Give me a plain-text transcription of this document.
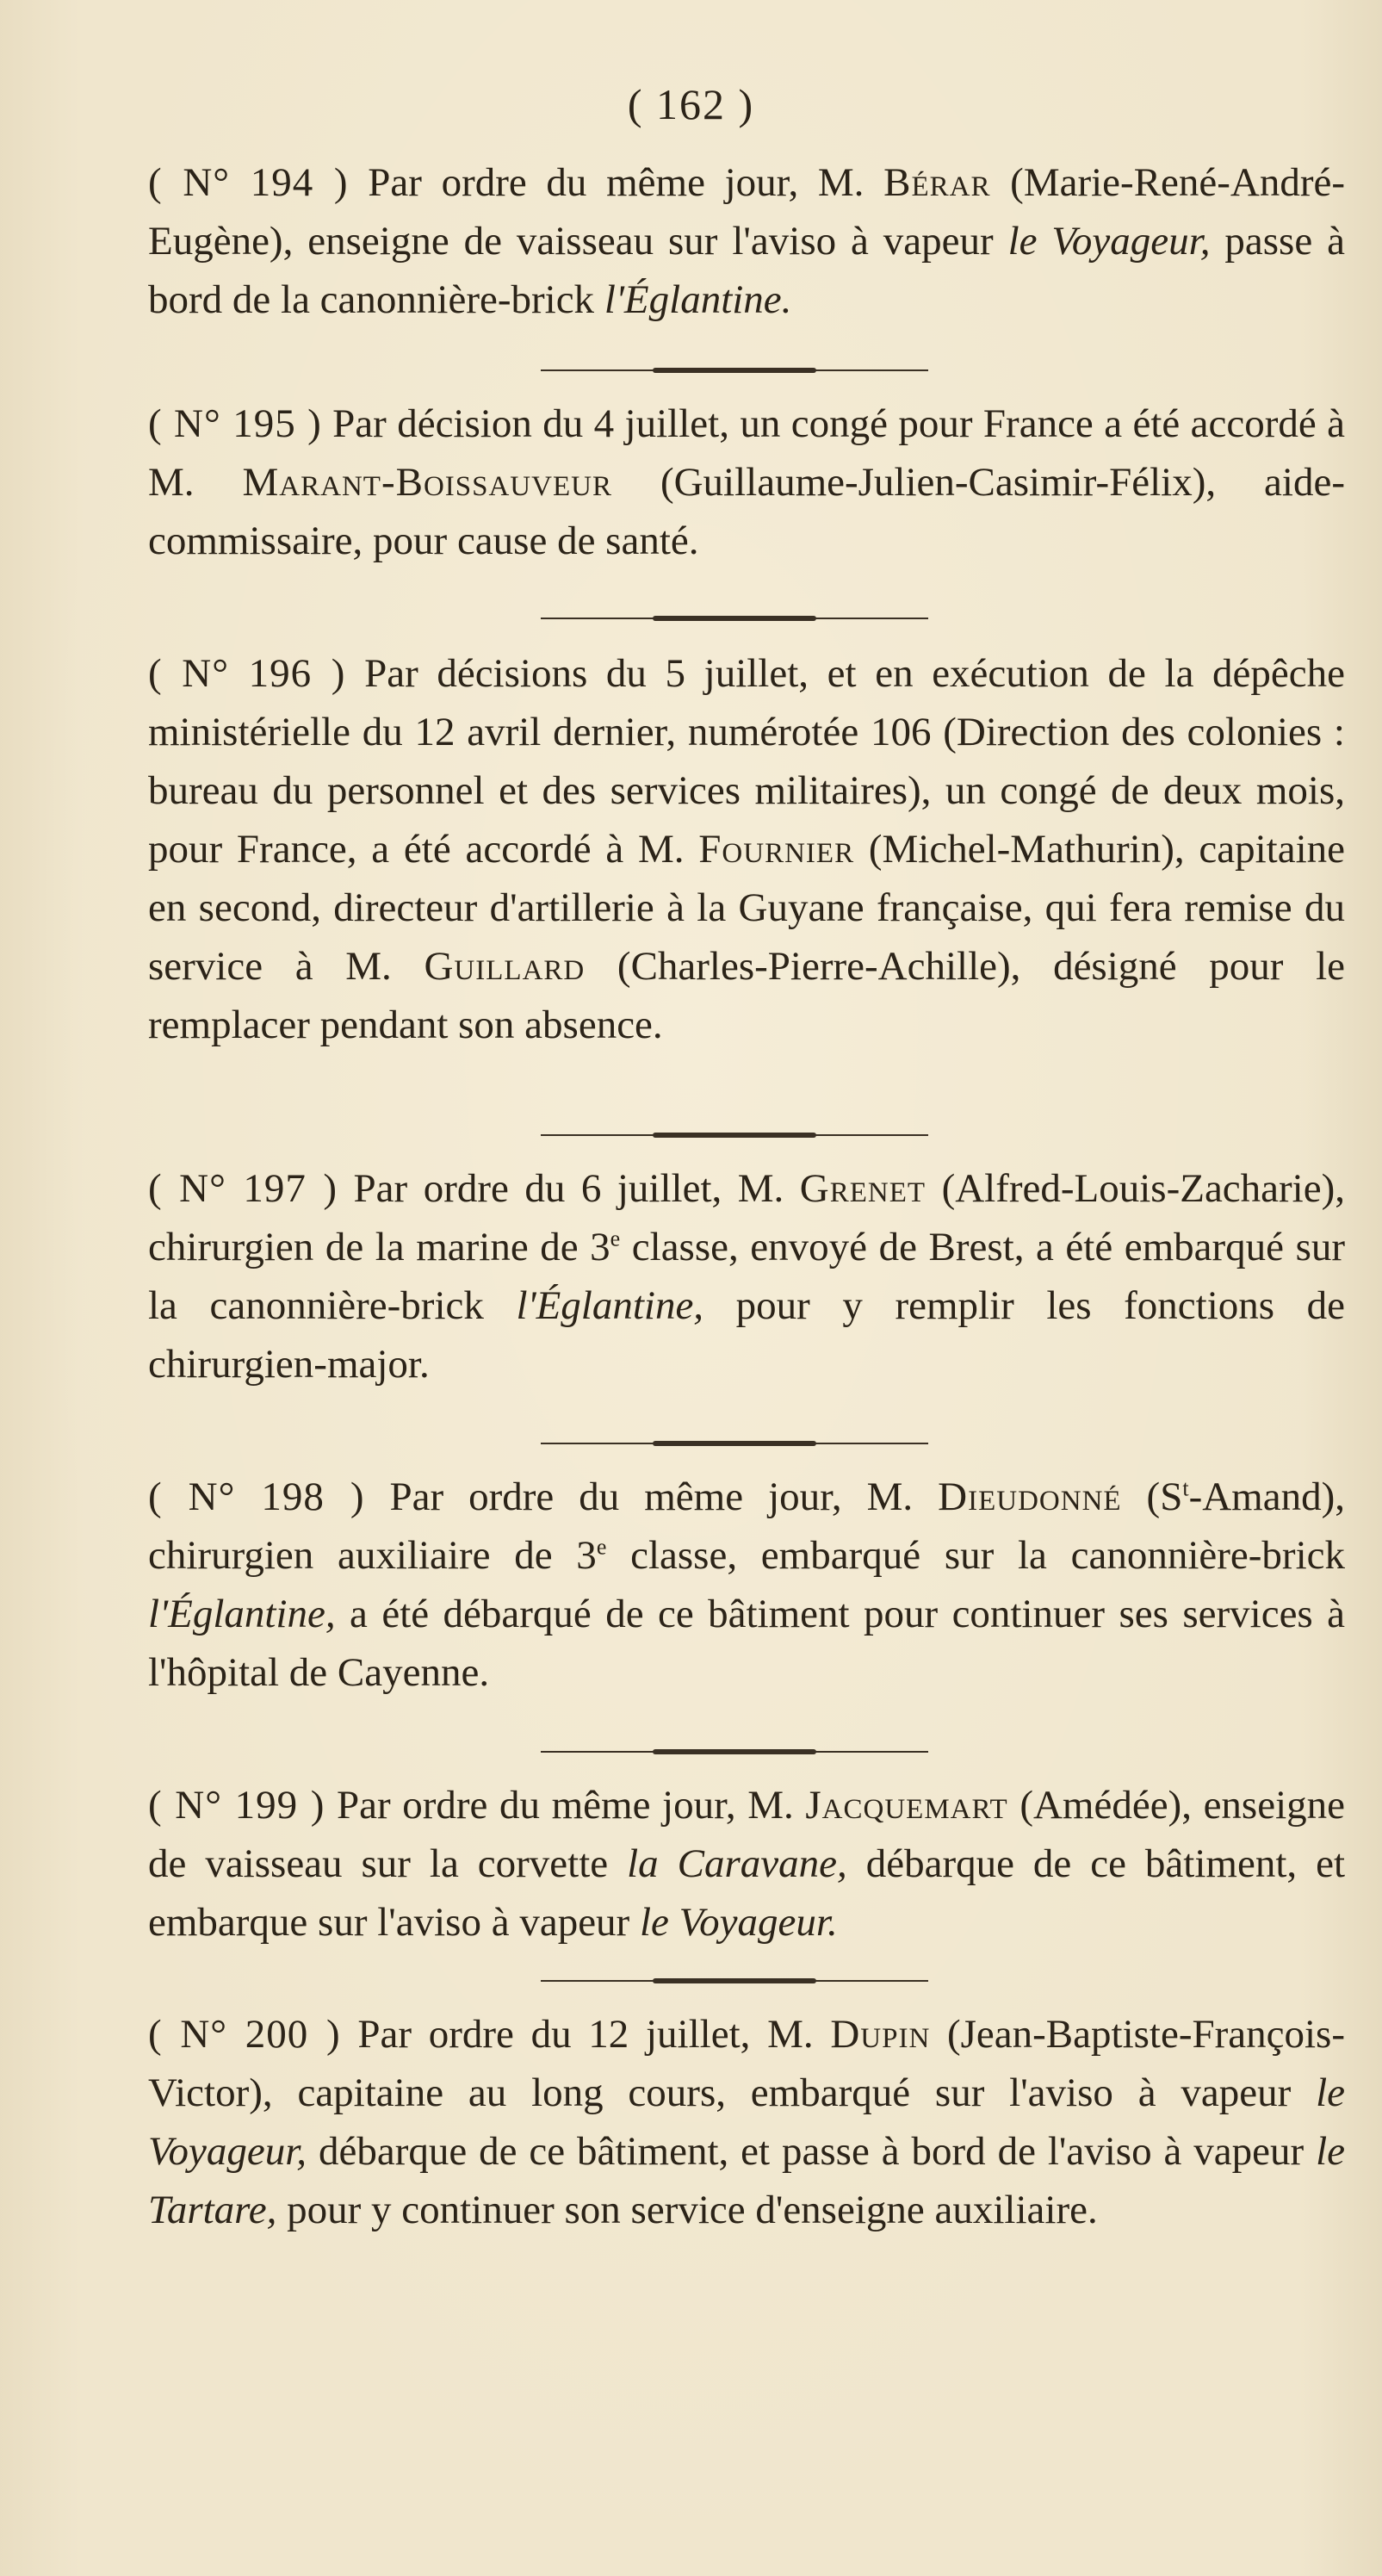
( 162 )

( N° 194 ) Par ordre du même jour, M. Bérar (Marie-René-André-Eugène), enseigne de vaisseau sur l'aviso à vapeur le Voyageur, passe à bord de la canonnière-brick l'Églantine.

( N° 195 ) Par décision du 4 juillet, un congé pour France a été accordé à M. Marant-Boissauveur (Guillaume-Julien-Casimir-Félix), aide-commissaire, pour cause de santé.

( N° 196 ) Par décisions du 5 juillet, et en exécution de la dépêche ministérielle du 12 avril dernier, numérotée 106 (Direction des colonies : bureau du personnel et des services militaires), un congé de deux mois, pour France, a été accordé à M. Fournier (Michel-Mathurin), capitaine en second, directeur d'artillerie à la Guyane française, qui fera remise du service à M. Guillard (Charles-Pierre-Achille), désigné pour le remplacer pendant son absence.

( N° 197 ) Par ordre du 6 juillet, M. Grenet (Alfred-Louis-Zacharie), chirurgien de la marine de 3e classe, envoyé de Brest, a été embarqué sur la canonnière-brick l'Églantine, pour y remplir les fonctions de chirurgien-major.

( N° 198 ) Par ordre du même jour, M. Dieudonné $(S^t-Amand)$, chirurgien auxiliaire de 3e classe, embarqué sur la canonnière-brick l'Églantine, a été débarqué de ce bâtiment pour continuer ses services à l'hôpital de Cayenne.

( N° 199 ) Par ordre du même jour, M. Jacquemart (Amédée), enseigne de vaisseau sur la corvette la Caravane, débarque de ce bâtiment, et embarque sur l'aviso à vapeur le Voyageur.

( N° 200 ) Par ordre du 12 juillet, M. Dupin (Jean-Baptiste-François-Victor), capitaine au long cours, embarqué sur l'aviso à vapeur le Voyageur, débarque de ce bâtiment, et passe à bord de l'aviso à vapeur le Tartare, pour y continuer son service d'enseigne auxiliaire.
